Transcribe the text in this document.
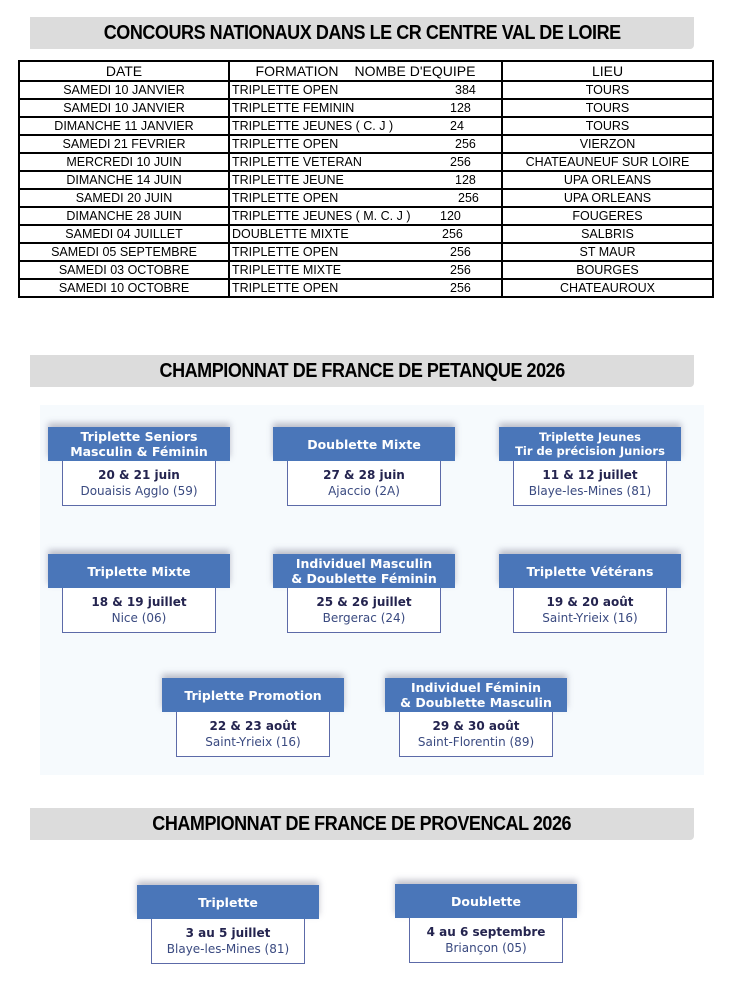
CONCOURS NATIONAUX DANS LE CR CENTRE VAL DE LOIRE
DATE	FORMATION NOMBE D'EQUIPE	LIEU
SAMEDI 10 JANVIER	TRIPLETTE OPEN 384	TOURS
SAMEDI 10 JANVIER	TRIPLETTE FEMININ 128	TOURS
DIMANCHE 11 JANVIER	TRIPLETTE JEUNES ( C. J ) 24	TOURS
SAMEDI 21 FEVRIER	TRIPLETTE OPEN 256	VIERZON
MERCREDI 10 JUIN	TRIPLETTE VETERAN 256	CHATEAUNEUF SUR LOIRE
DIMANCHE 14 JUIN	TRIPLETTE JEUNE 128	UPA ORLEANS
SAMEDI 20 JUIN	TRIPLETTE OPEN 256	UPA ORLEANS
DIMANCHE 28 JUIN	TRIPLETTE JEUNES ( M. C. J ) 120	FOUGERES
SAMEDI 04 JUILLET	DOUBLETTE MIXTE 256	SALBRIS
SAMEDI 05 SEPTEMBRE	TRIPLETTE OPEN 256	ST MAUR
SAMEDI 03 OCTOBRE	TRIPLETTE MIXTE 256	BOURGES
SAMEDI 10 OCTOBRE	TRIPLETTE OPEN 256	CHATEAUROUX
CHAMPIONNAT DE FRANCE DE PETANQUE 2026
Triplette Seniors
Masculin & Féminin
20 & 21 juin
Douaisis Agglo (59)
Doublette Mixte
27 & 28 juin
Ajaccio (2A)
Triplette Jeunes
Tir de précision Juniors
11 & 12 juillet
Blaye-les-Mines (81)
Triplette Mixte
18 & 19 juillet
Nice (06)
Individuel Masculin
& Doublette Féminin
25 & 26 juillet
Bergerac (24)
Triplette Vétérans
19 & 20 août
Saint-Yrieix (16)
Triplette Promotion
22 & 23 août
Saint-Yrieix (16)
Individuel Féminin
& Doublette Masculin
29 & 30 août
Saint-Florentin (89)
CHAMPIONNAT DE FRANCE DE PROVENCAL 2026
Triplette
3 au 5 juillet
Blaye-les-Mines (81)
Doublette
4 au 6 septembre
Briançon (05)
